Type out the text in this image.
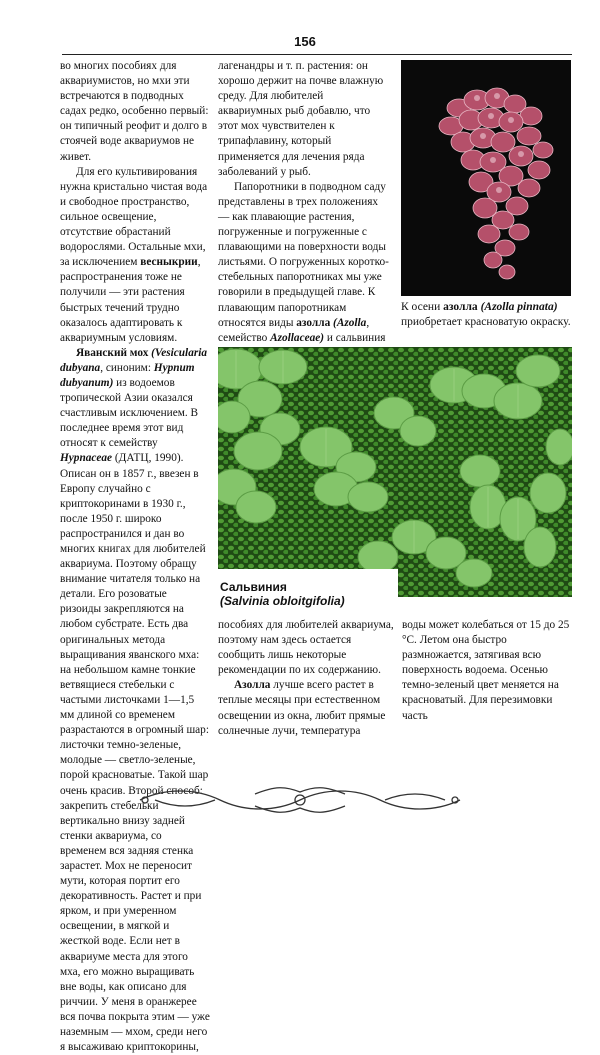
156

во многих пособиях для аквариумистов, но мхи эти встречаются в подводных садах редко, особенно первый: он типичный реофит и долго в стоячей воде аквариумов не живет.

Для его культивирования нужна кристально чистая вода и свободное пространство, сильное освещение, отсутствие обрастаний водорослями. Остальные мхи, за исключением весныкрии, распространения тоже не получили — эти растения быстрых течений трудно оказалось адаптировать к аквариумным условиям.

Яванский мох (Vesicularia dubyana, синоним: Hypnum dubyanum) из водоемов тропической Азии оказался счастливым исключением. В последнее время этот вид относят к семейству Hypnaceae (ДАТЦ, 1990). Описан он в 1857 г., ввезен в Европу случайно с криптокоринами в 1930 г., после 1950 г. широко распространился и дан во многих книгах для любителей аквариума. Поэтому обращу внимание читателя только на детали. Его розоватые ризоиды закрепляются на любом субстрате. Есть два оригинальных метода выращивания яванского мха: на небольшом камне тонкие ветвящиеся стебельки с частыми листочками 1—1,5 мм длиной со временем разрастаются в огромный шар: листочки темно-зеленые, молодые — светло-зеленые, порой красноватые. Такой шар очень красив. Второй способ: закрепить стебельки вертикально внизу задней стенки аквариума, со временем вся задняя стенка зарастет. Мох не переносит мути, которая портит его декоративность. Растет и при ярком, и при умеренном освещении, в мягкой и жесткой воде. Если нет в аквариуме места для этого мха, его можно выращивать вне воды, как описано для риччии. У меня в оранжерее вся почва покрыта этим — уже наземным — мхом, среди него я высаживаю криптокорины,

лагенандры и т. п. растения: он хорошо держит на почве влажную среду. Для любителей аквариумных рыб добавлю, что этот мох чувствителен к трипафлавину, который применяется для лечения ряда заболеваний у рыб.

Папоротники в подводном саду представлены в трех положениях — как плавающие растения, погруженные и погруженные с плавающими на поверхности воды листьями. О погруженных коротко-стебельных папоротниках мы уже говорили в предыдущей главе. К плавающим папоротникам относятся виды азолла (Azolla, семейство Azollaceae) и сальвиния

К осени азолла (Azolla pinnata) приобретает красноватую окраску.
Сальвиния
(Salvinia obloitgifolia)

пособиях для любителей аквариума, поэтому нам здесь остается сообщить лишь некоторые рекомендации по их содержанию.

Азолла лучше всего растет в теплые месяцы при естественном освещении из окна, любит прямые солнечные лучи, температура

воды может колебаться от 15 до 25 °С. Летом она быстро размножается, затягивая всю поверхность водоема. Осенью темно-зеленый цвет меняется на красноватый. Для перезимовки часть
